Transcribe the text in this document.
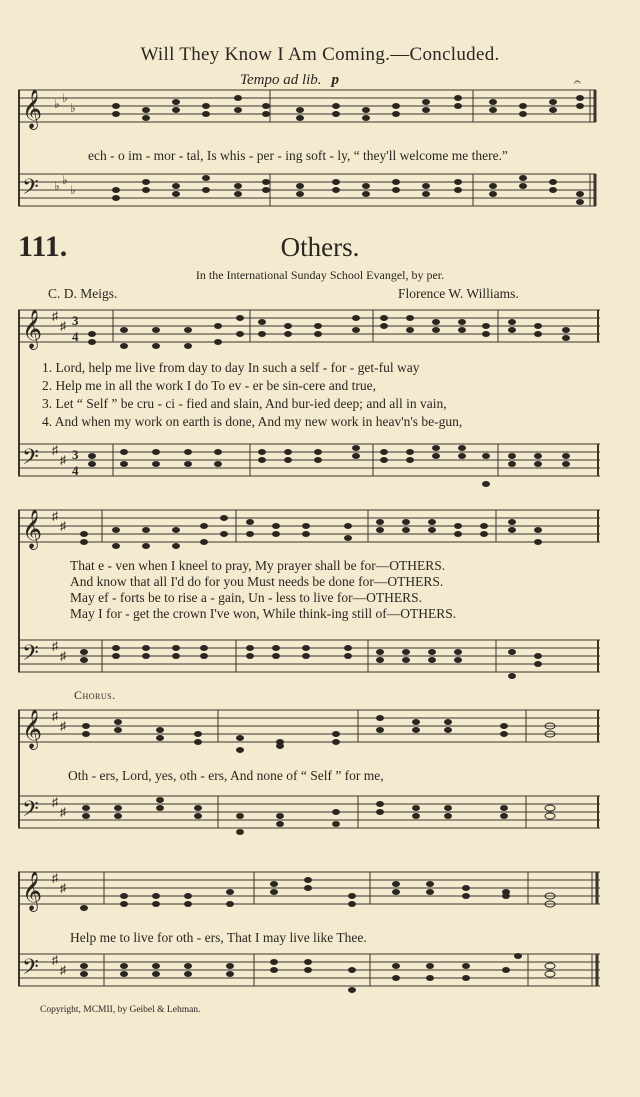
Will They Know I Am Coming.—Concluded.
Tempo ad lib. p
𝄞
𝄢
♭ ♭
♭
♭ ♭
♭
𝄐
ech - o im - mor - tal, Is whis - per - ing soft - ly, “ they'll welcome me there.”
111.	Others.
In the International Sunday School Evangel, by per.
C. D. Meigs.	Florence W. Williams.
𝄞
𝄢
♯
♯
♯
♯
3
4
3
4
1. Lord, help me live from day to day In such a self - for - get-ful way
2. Help me in all the work I do To ev - er be sin-cere and true,
3. Let “ Self ” be cru - ci - fied and slain, And bur-ied deep; and all in vain,
4. And when my work on earth is done, And my new work in heav'n's be-gun,
𝄞
𝄢
♯
♯
♯
♯
That e - ven when I kneel to pray, My prayer shall be for—OTHERS.
And know that all I'd do for you Must needs be done for—OTHERS.
May ef - forts be to rise a - gain, Un - less to live for—OTHERS.
May I for - get the crown I've won, While think-ing still of—OTHERS.
Chorus.
𝄞
𝄢
♯
♯
♯
♯
Oth - ers, Lord, yes, oth - ers, And none of “ Self ” for me,
𝄞
𝄢
♯
♯
♯
♯
Help me to live for oth - ers, That I may live like Thee.
Copyright, MCMII, by Geibel & Lehman.
